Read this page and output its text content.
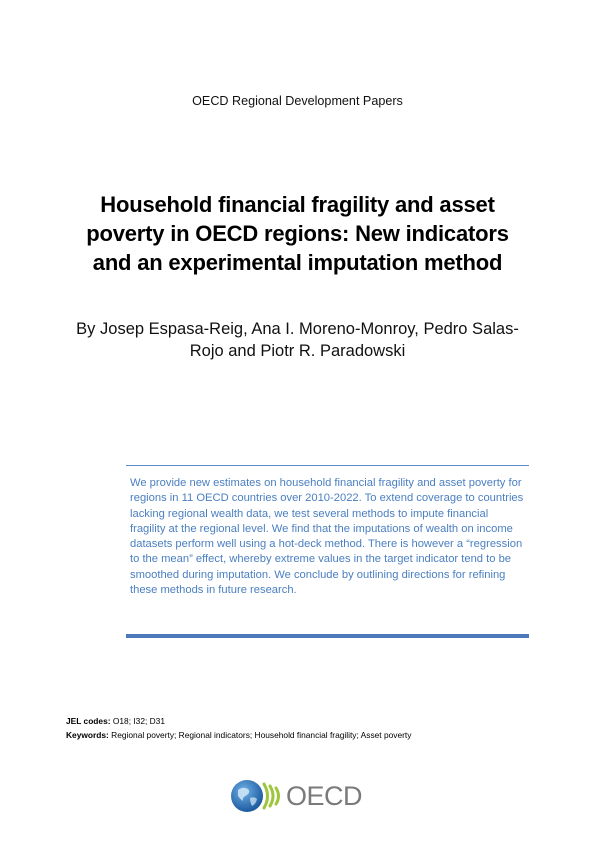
OECD Regional Development Papers
Household financial fragility and asset
poverty in OECD regions: New indicators
and an experimental imputation method
By Josep Espasa-Reig, Ana I. Moreno-Monroy, Pedro Salas-
Rojo and Piotr R. Paradowski
We provide new estimates on household financial fragility and asset poverty for regions in 11 OECD countries over 2010-2022. To extend coverage to countries lacking regional wealth data, we test several methods to impute financial fragility at the regional level. We find that the imputations of wealth on income datasets perform well using a hot-deck method. There is however a “regression to the mean” effect, whereby extreme values in the target indicator tend to be smoothed during imputation. We conclude by outlining directions for refining these methods in future research.
JEL codes: O18; I32; D31
Keywords: Regional poverty; Regional indicators; Household financial fragility; Asset poverty
OECD
